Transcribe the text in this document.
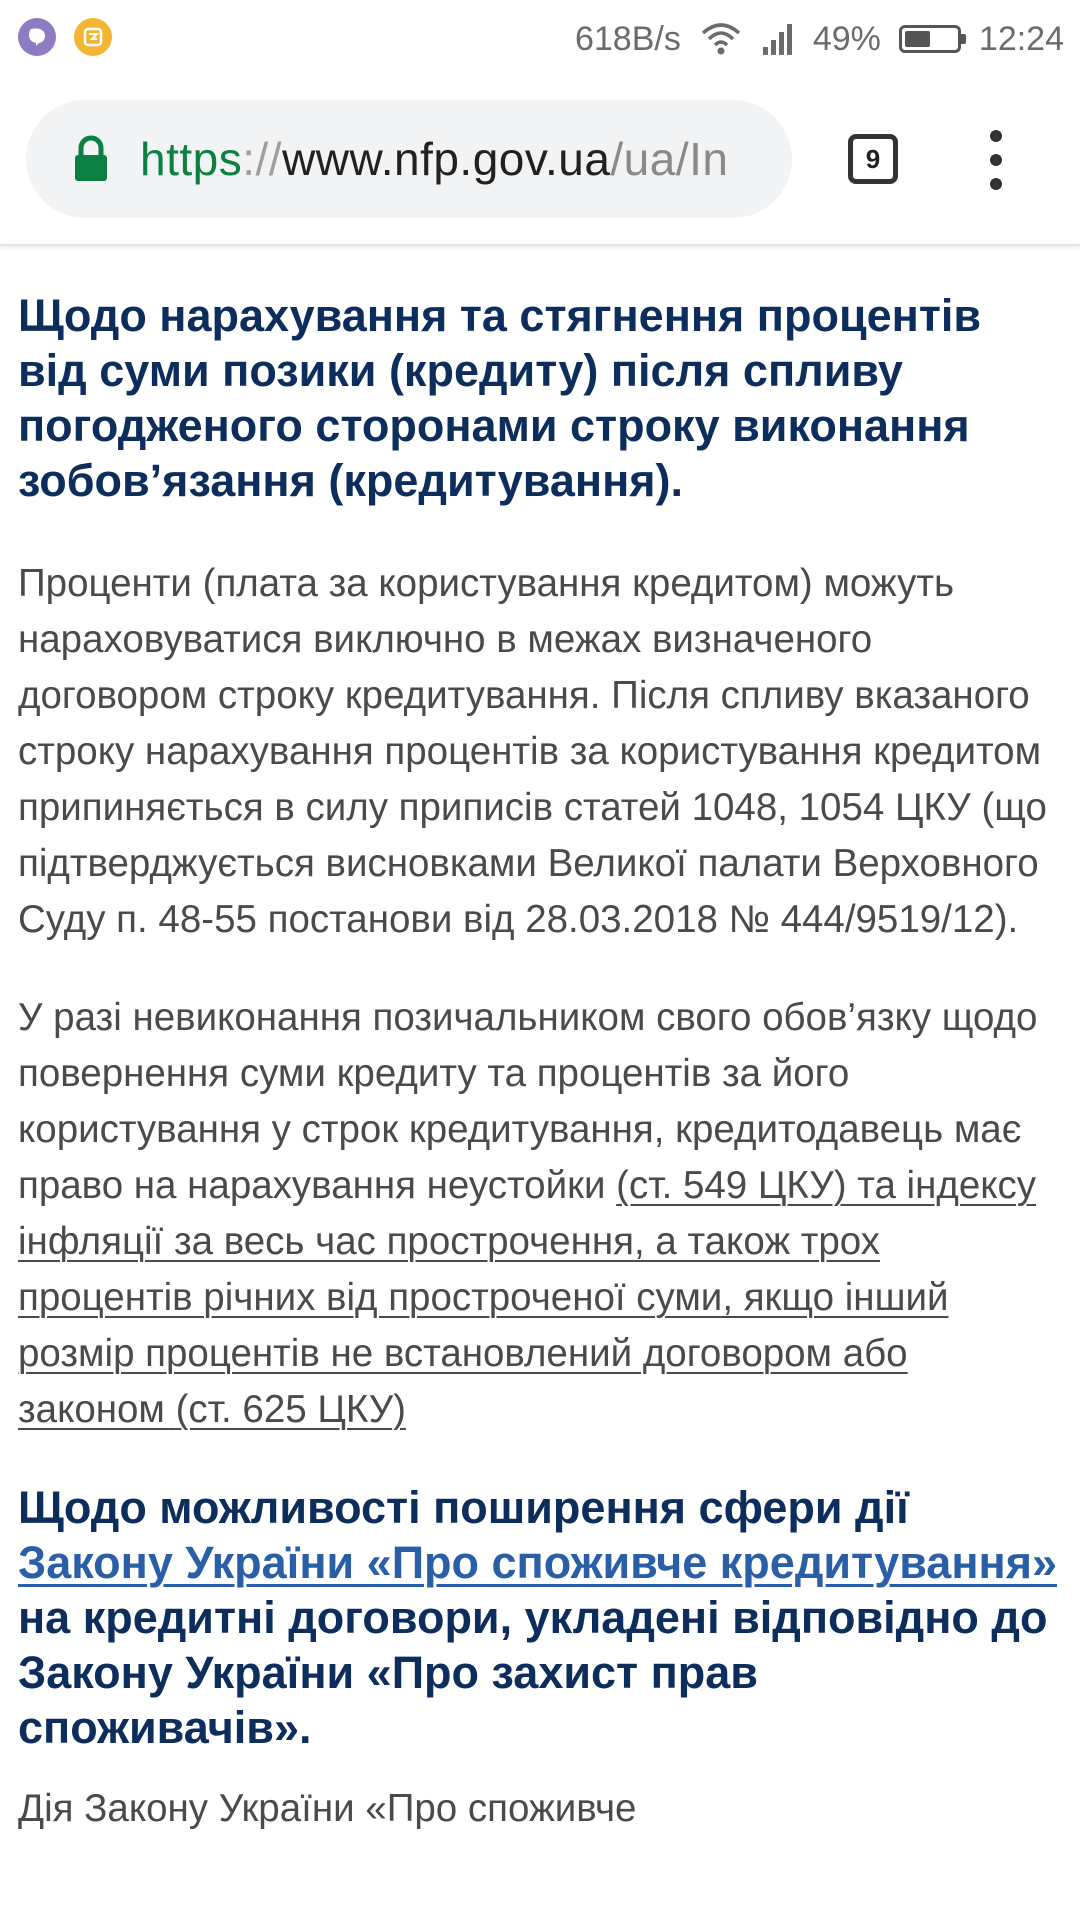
618B/s	49%	12:24
https://www.nfp.gov.ua/ua/In	9
Щодо нарахування та стягнення процентів від суми позики (кредиту) після спливу погодженого сторонами строку виконання зобов’язання (кредитування).

Проценти (плата за користування кредитом) можуть нараховуватися виключно в межах визначеного договором строку кредитування. Після спливу вказаного строку нарахування процентів за користування кредитом припиняється в силу приписів статей 1048, 1054 ЦКУ (що підтверджується висновками Великої палати Верховного Суду п. 48-55 постанови від 28.03.2018 № 444/9519/12).

У разі невиконання позичальником свого обов’язку щодо повернення суми кредиту та процентів за його користування у строк кредитування, кредитодавець має право на нарахування неустойки (ст. 549 ЦКУ) та індексу інфляції за весь час прострочення, а також трох процентів річних від простроченої суми, якщо інший розмір процентів не встановлений договором або законом (ст. 625 ЦКУ)

Щодо можливості поширення сфери дії Закону України «Про споживче кредитування» на кредитні договори, укладені відповідно до Закону України «Про захист прав споживачів».
Дія Закону України «Про споживче
